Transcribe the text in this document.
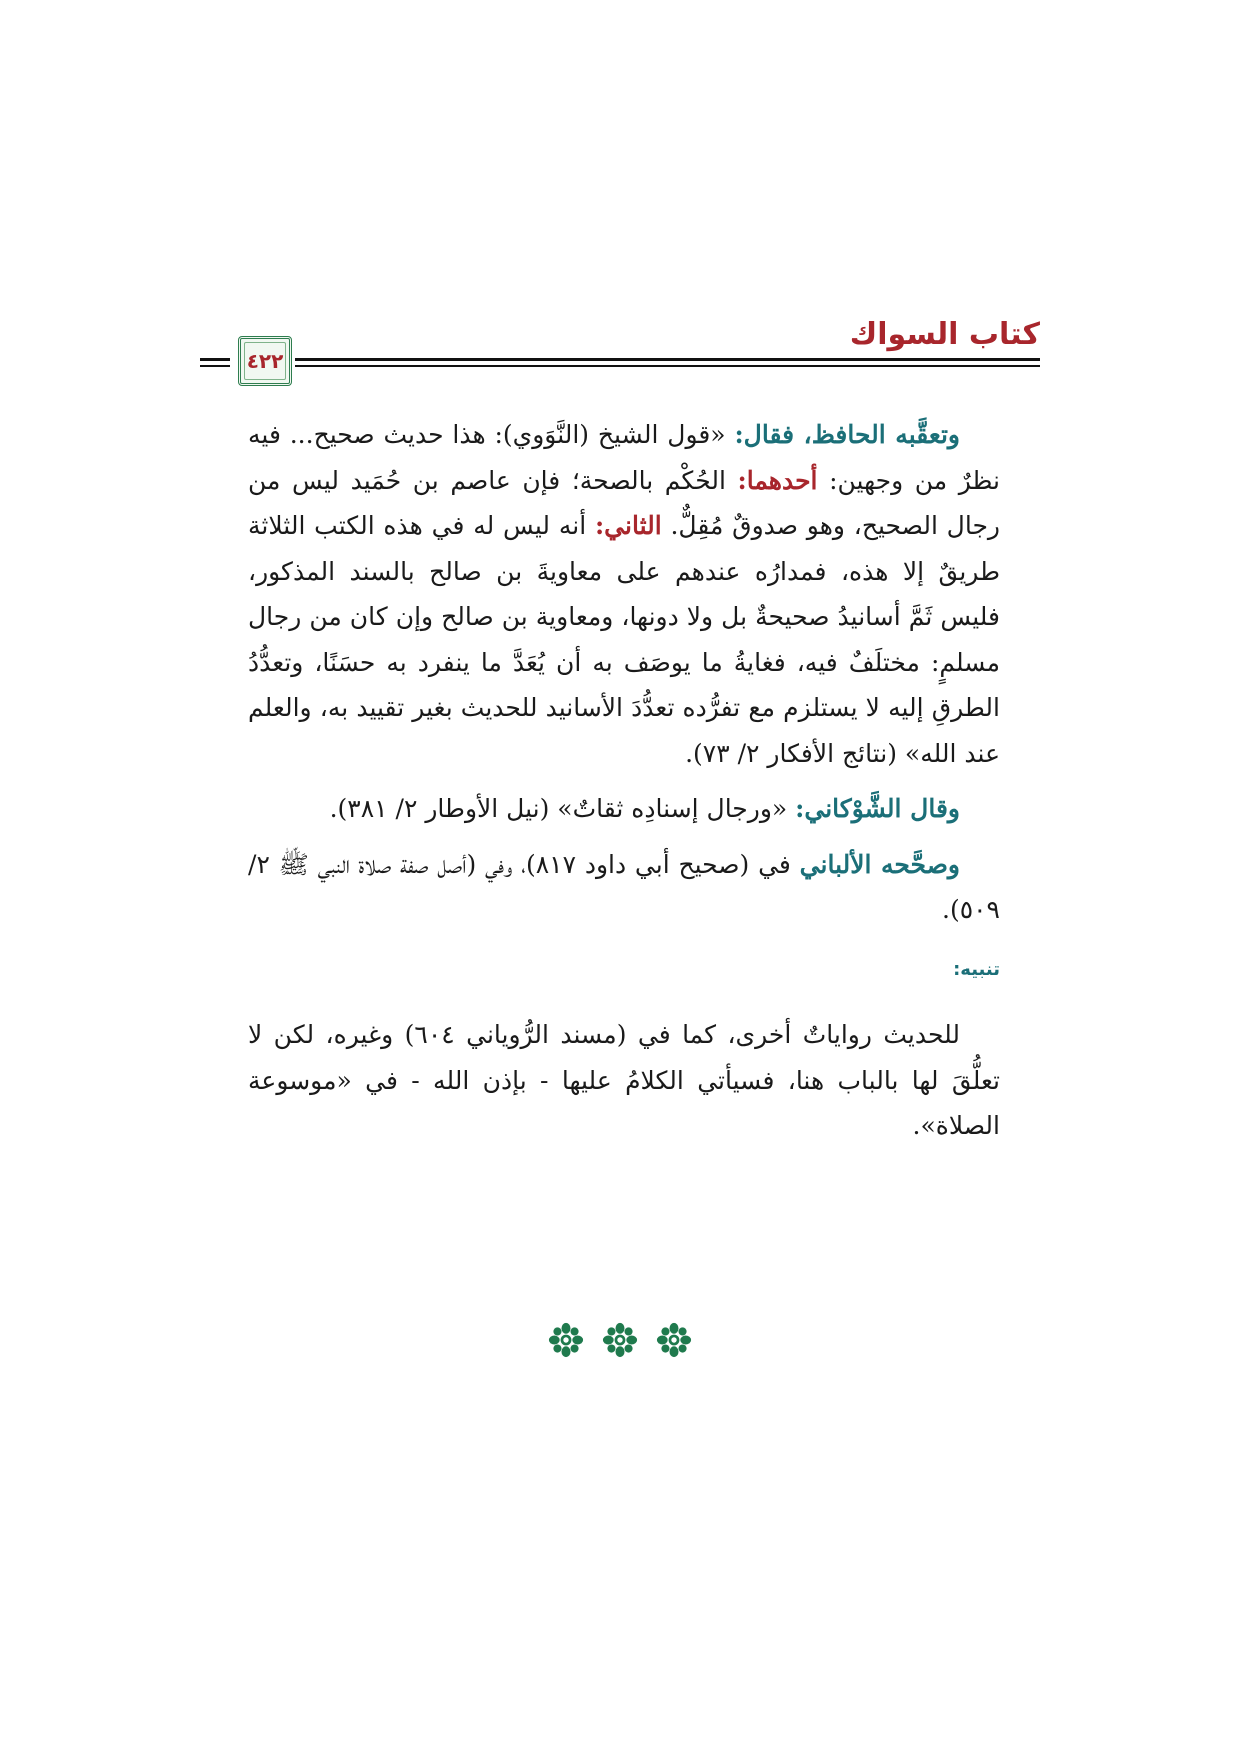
كتاب السواك
٤٢٢

وتعقَّبه الحافظ، فقال: «قول الشيخ (النَّوَوي): هذا حديث صحيح... فيه نظرٌ من وجهين: أحدهما: الحُكْم بالصحة؛ فإن عاصم بن حُمَيد ليس من رجال الصحيح، وهو صدوقٌ مُقِلٌّ. الثاني: أنه ليس له في هذه الكتب الثلاثة طريقٌ إلا هذه، فمدارُه عندهم على معاويةَ بن صالح بالسند المذكور، فليس ثَمَّ أسانيدُ صحيحةٌ بل ولا دونها، ومعاوية بن صالح وإن كان من رجال مسلمٍ: مختلَفٌ فيه، فغايةُ ما يوصَف به أن يُعَدَّ ما ينفرد به حسَنًا، وتعدُّدُ الطرقِ إليه لا يستلزم مع تفرُّده تعدُّدَ الأسانيد للحديث بغير تقييد به، والعلم عند الله» (نتائج الأفكار ٢/ ٧٣).

وقال الشَّوْكاني: «ورجال إسنادِه ثقاتٌ» (نيل الأوطار ٢/ ٣٨١).

وصحَّحه الألباني في (صحيح أبي داود ٨١٧)، وفي (أصل صفة صلاة النبي ﷺ ٢/ ٥٠٩).

تنبيه:

للحديث رواياتٌ أخرى، كما في (مسند الرُّوياني ٦٠٤) وغيره، لكن لا تعلُّقَ لها بالباب هنا، فسيأتي الكلامُ عليها - بإذن الله - في «موسوعة الصلاة».
